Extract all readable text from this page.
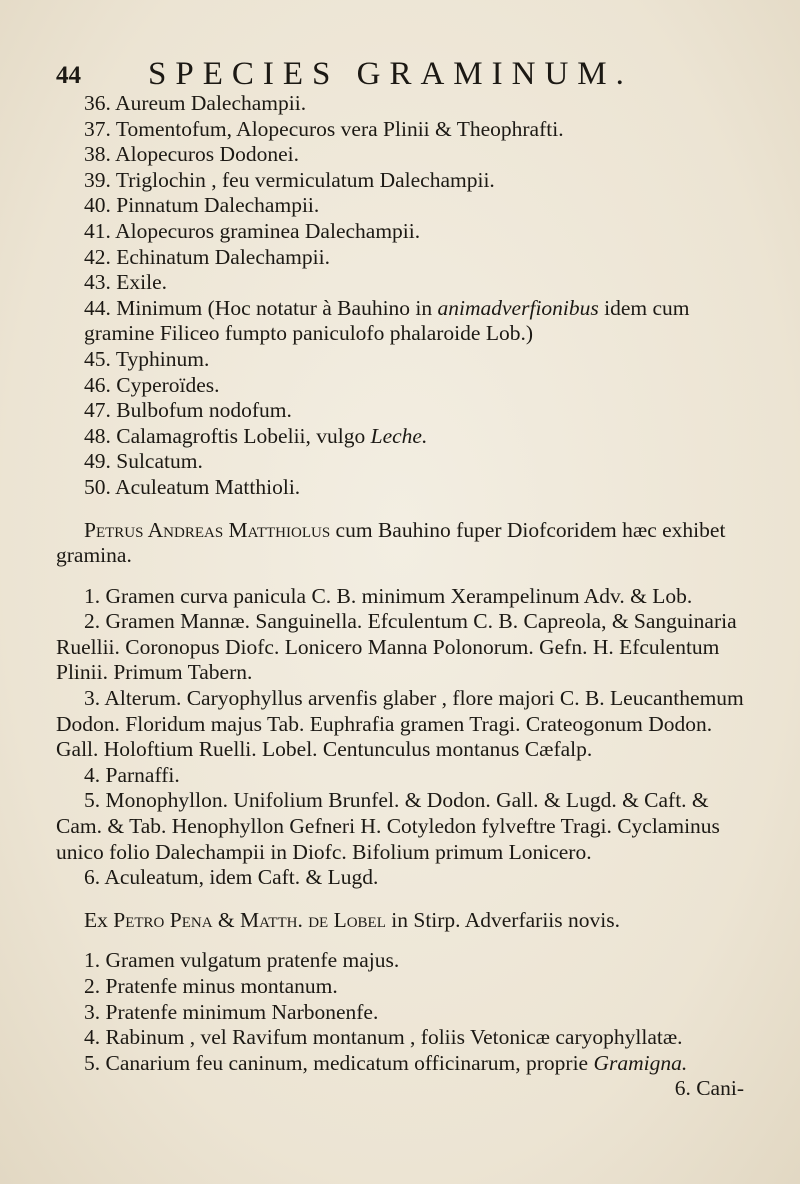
44 SPECIES GRAMINUM.
36. Aureum Dalechampii.
37. Tomentofum, Alopecuros vera Plinii & Theophrafti.
38. Alopecuros Dodonei.
39. Triglochin , feu vermiculatum Dalechampii.
40. Pinnatum Dalechampii.
41. Alopecuros graminea Dalechampii.
42. Echinatum Dalechampii.
43. Exile.
44. Minimum (Hoc notatur à Bauhino in animadverfionibus idem cum gramine Filiceo fumpto paniculofo phalaroide Lob.)
45. Typhinum.
46. Cyperoïdes.
47. Bulbofum nodofum.
48. Calamagroftis Lobelii, vulgo Leche.
49. Sulcatum.
50. Aculeatum Matthioli.

Petrus Andreas Matthiolus cum Bauhino fuper Diofcoridem hæc exhibet gramina.

1. Gramen curva panicula C. B. minimum Xerampelinum Adv. & Lob.
2. Gramen Mannæ. Sanguinella. Efculentum C. B. Capreola, & Sanguinaria Ruellii. Coronopus Diofc. Lonicero Manna Polonorum. Gefn. H. Efculentum Plinii. Primum Tabern.
3. Alterum. Caryophyllus arvenfis glaber , flore majori C. B. Leucanthemum Dodon. Floridum majus Tab. Euphrafia gramen Tragi. Crateogonum Dodon. Gall. Holoftium Ruelli. Lobel. Centunculus montanus Cæfalp.
4. Parnaffi.
5. Monophyllon. Unifolium Brunfel. & Dodon. Gall. & Lugd. & Caft. & Cam. & Tab. Henophyllon Gefneri H. Cotyledon fylveftre Tragi. Cyclaminus unico folio Dalechampii in Diofc. Bifolium primum Lonicero.
6. Aculeatum, idem Caft. & Lugd.

Ex Petro Pena & Matth. de Lobel in Stirp. Adverfariis novis.

1. Gramen vulgatum pratenfe majus.
2. Pratenfe minus montanum.
3. Pratenfe minimum Narbonenfe.
4. Rabinum , vel Ravifum montanum , foliis Vetonicæ caryophyllatæ.
5. Canarium feu caninum, medicatum officinarum, proprie Gramigna.
6. Cani-
